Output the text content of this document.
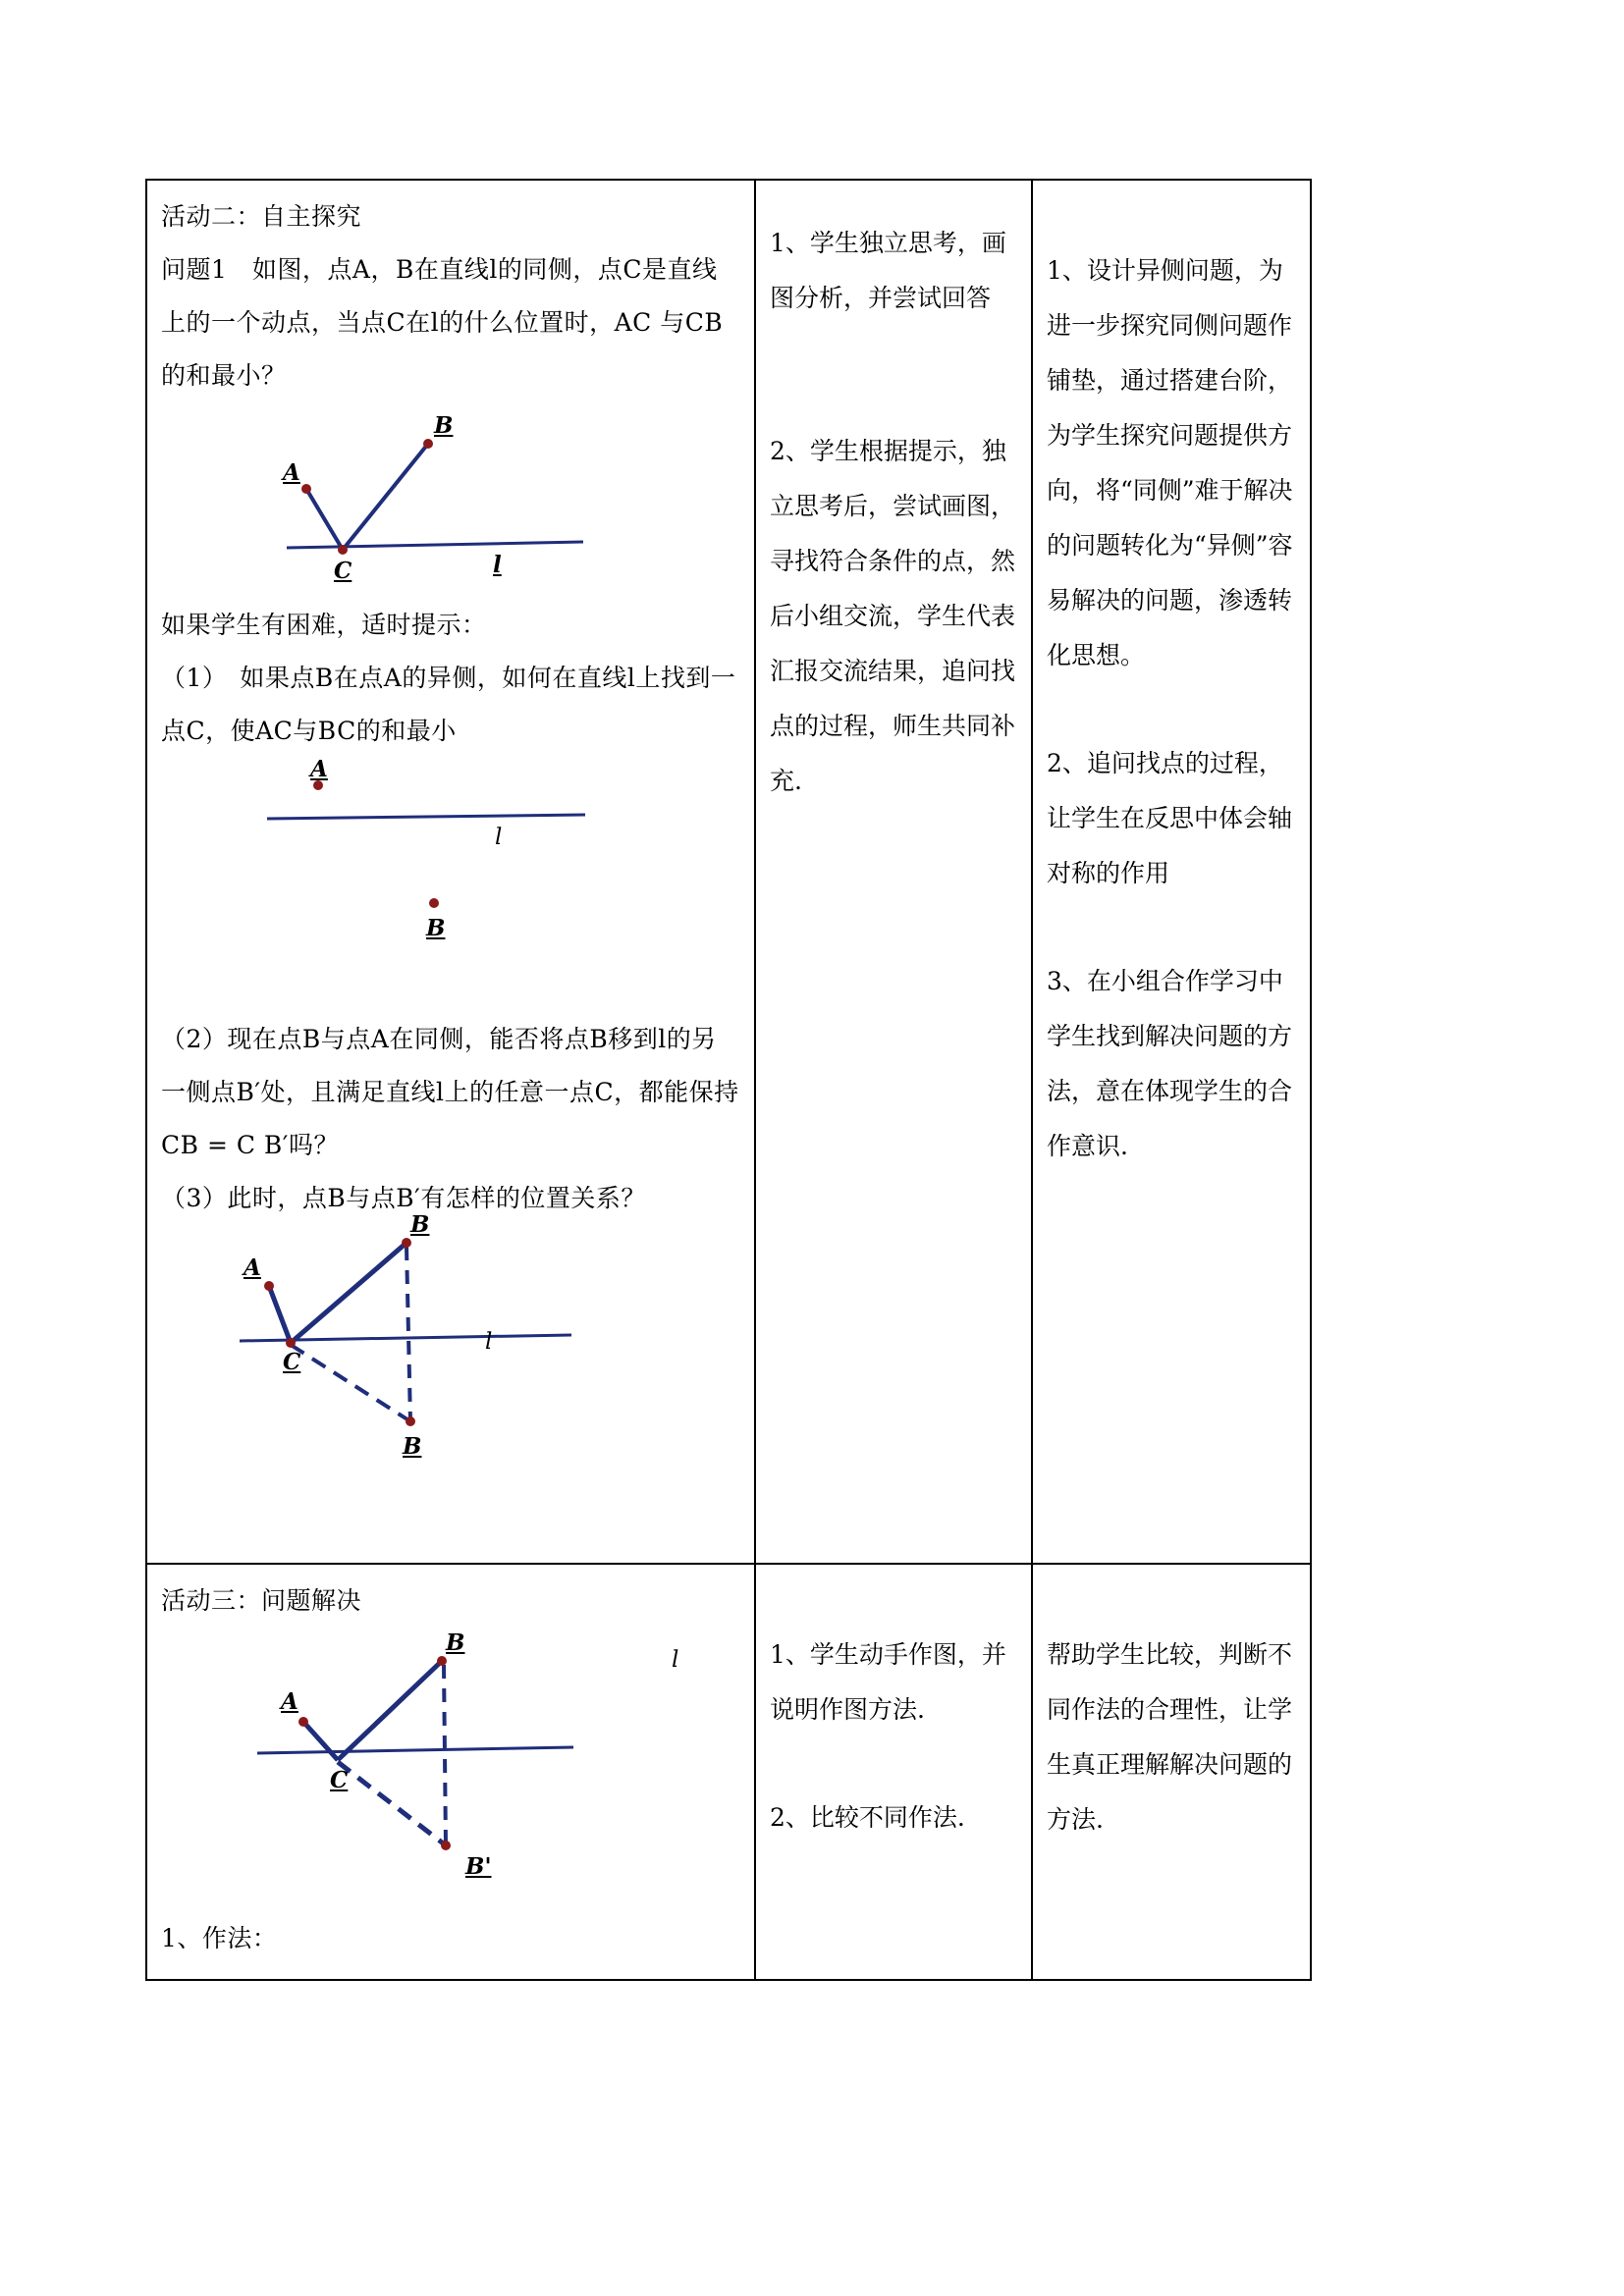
活动二：自主探究
问题1　如图，点A，B在直线l的同侧，点C是直线上的一个动点，当点C在l的什么位置时，AC 与CB的和最小？
B
A
C	l
如果学生有困难，适时提示：
（1）　如果点B在点A的异侧，如何在直线l上找到一点C，使AC与BC的和最小
A
l
B
（2）现在点B与点A在同侧，能否将点B移到l的另一侧点B′处，且满足直线l上的任意一点C，都能保持CB = C B′吗？
（3）此时，点B与点B′有怎样的位置关系？
B
A
C
l
B

1、学生独立思考，画图分析，并尝试回答
2、学生根据提示，独立思考后，尝试画图，寻找符合条件的点，然后小组交流，学生代表汇报交流结果，追问找点的过程，师生共同补充.

1、设计异侧问题，为进一步探究同侧问题作铺垫，通过搭建台阶，为学生探究问题提供方向，将“同侧”难于解决的问题转化为“异侧”容易解决的问题，渗透转化思想。
2、追问找点的过程，让学生在反思中体会轴对称的作用
3、在小组合作学习中学生找到解决问题的方法，意在体现学生的合作意识.

活动三：问题解决
B
A
C
B'
1、作法：

1、学生动手作图，并说明作图方法.
2、比较不同作法.

帮助学生比较，判断不同作法的合理性，让学生真正理解解决问题的方法.
l
